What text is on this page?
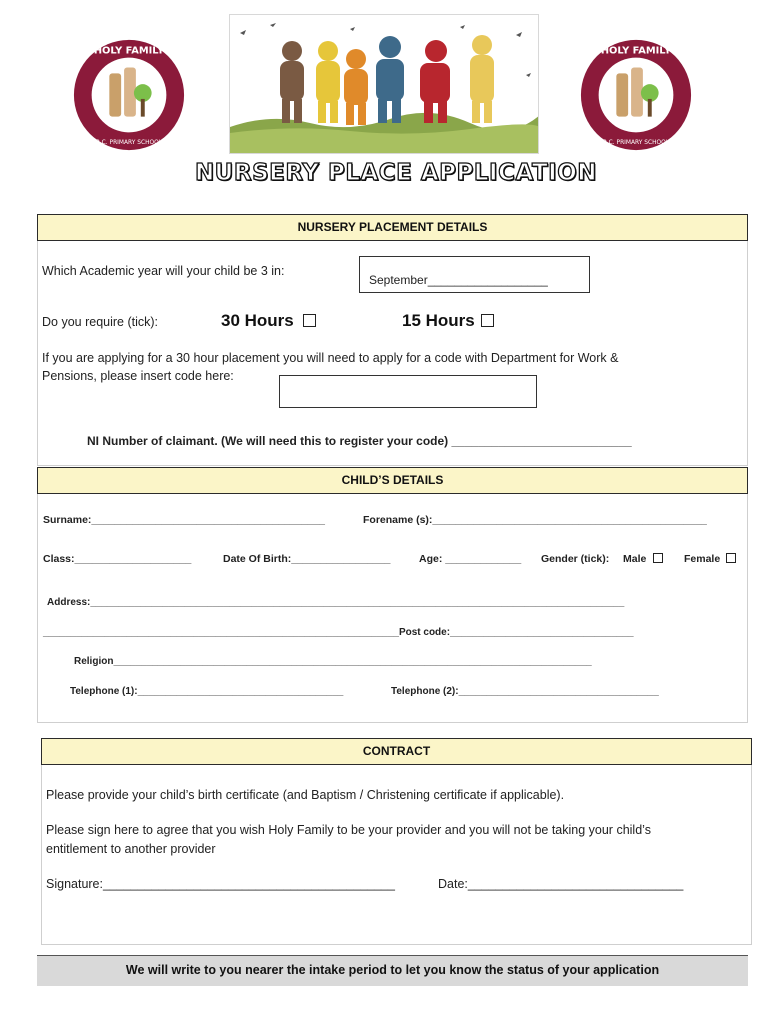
HOLY FAMILY
R.C. PRIMARY SCHOOL
HOLY FAMILY
R.C. PRIMARY SCHOOL
NURSERY PLACE APPLICATION
NURSERY PLACEMENT DETAILS
Which Academic year will your child be 3 in:
September__________________
Do you require (tick):	30 Hours	15 Hours
If you are applying for a 30 hour placement you will need to apply for a code with Department for Work &
Pensions, please insert code here:
NI Number of claimant. (We will need this to register your code) ___________________________
CHILD’S DETAILS
Surname:________________________________________	Forename (s):_______________________________________________
Class:____________________	Date Of Birth:_________________	Age: _____________ Gender (tick): Male	Female
Address:________________________________________________________________________________________________
________________________________________________________________Post code:_________________________________
Religion______________________________________________________________________________________
Telephone (1):_____________________________________	Telephone (2):____________________________________
CONTRACT
Please provide your child’s birth certificate (and Baptism / Christening certificate if applicable).
Please sign here to agree that you wish Holy Family to be your provider and you will not be taking your child’s
entitlement to another provider
Signature:__________________________________________	Date:_______________________________
We will write to you nearer the intake period to let you know the status of your application
